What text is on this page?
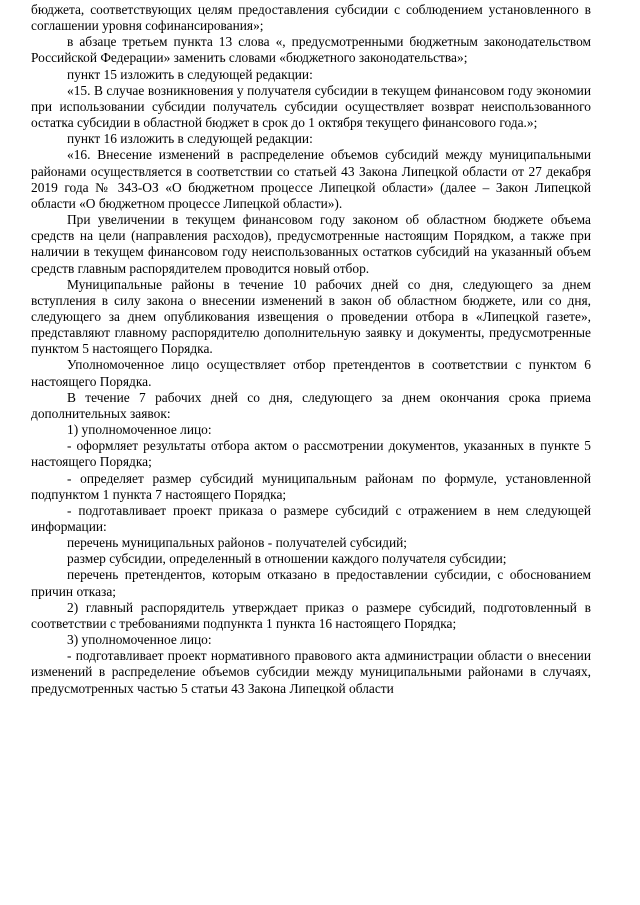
бюджета, соответствующих целям предоставления субсидии с соблюдением установленного в соглашении уровня софинансирования»;

в абзаце третьем пункта 13 слова «, предусмотренными бюджетным законодательством Российской Федерации» заменить словами «бюджетного законодательства»;

пункт 15 изложить в следующей редакции:

«15. В случае возникновения у получателя субсидии в текущем финансовом году экономии при использовании субсидии получатель субсидии осуществляет возврат неиспользованного остатка субсидии в областной бюджет в срок до 1 октября текущего финансового года.»;

пункт 16 изложить в следующей редакции:

«16. Внесение изменений в распределение объемов субсидий между муниципальными районами осуществляется в соответствии со статьей 43 Закона Липецкой области от 27 декабря 2019 года № 343-ОЗ «О бюджетном процессе Липецкой области» (далее – Закон Липецкой области «О бюджетном процессе Липецкой области»).

При увеличении в текущем финансовом году законом об областном бюджете объема средств на цели (направления расходов), предусмотренные настоящим Порядком, а также при наличии в текущем финансовом году неиспользованных остатков субсидий на указанный объем средств главным распорядителем проводится новый отбор.

Муниципальные районы в течение 10 рабочих дней со дня, следующего за днем вступления в силу закона о внесении изменений в закон об областном бюджете, или со дня, следующего за днем опубликования извещения о проведении отбора в «Липецкой газете», представляют главному распорядителю дополнительную заявку и документы, предусмотренные пунктом 5 настоящего Порядка.

Уполномоченное лицо осуществляет отбор претендентов в соответствии с пунктом 6 настоящего Порядка.

В течение 7 рабочих дней со дня, следующего за днем окончания срока приема дополнительных заявок:

1) уполномоченное лицо:

- оформляет результаты отбора актом о рассмотрении документов, указанных в пункте 5 настоящего Порядка;

- определяет размер субсидий муниципальным районам по формуле, установленной подпунктом 1 пункта 7 настоящего Порядка;

- подготавливает проект приказа о размере субсидий с отражением в нем следующей информации:

перечень муниципальных районов - получателей субсидий;

размер субсидии, определенный в отношении каждого получателя субсидии;

перечень претендентов, которым отказано в предоставлении субсидии, с обоснованием причин отказа;

2) главный распорядитель утверждает приказ о размере субсидий, подготовленный в соответствии с требованиями подпункта 1 пункта 16 настоящего Порядка;

3) уполномоченное лицо:

- подготавливает проект нормативного правового акта администрации области о внесении изменений в распределение объемов субсидии между муниципальными районами в случаях, предусмотренных частью 5 статьи 43 Закона Липецкой области
